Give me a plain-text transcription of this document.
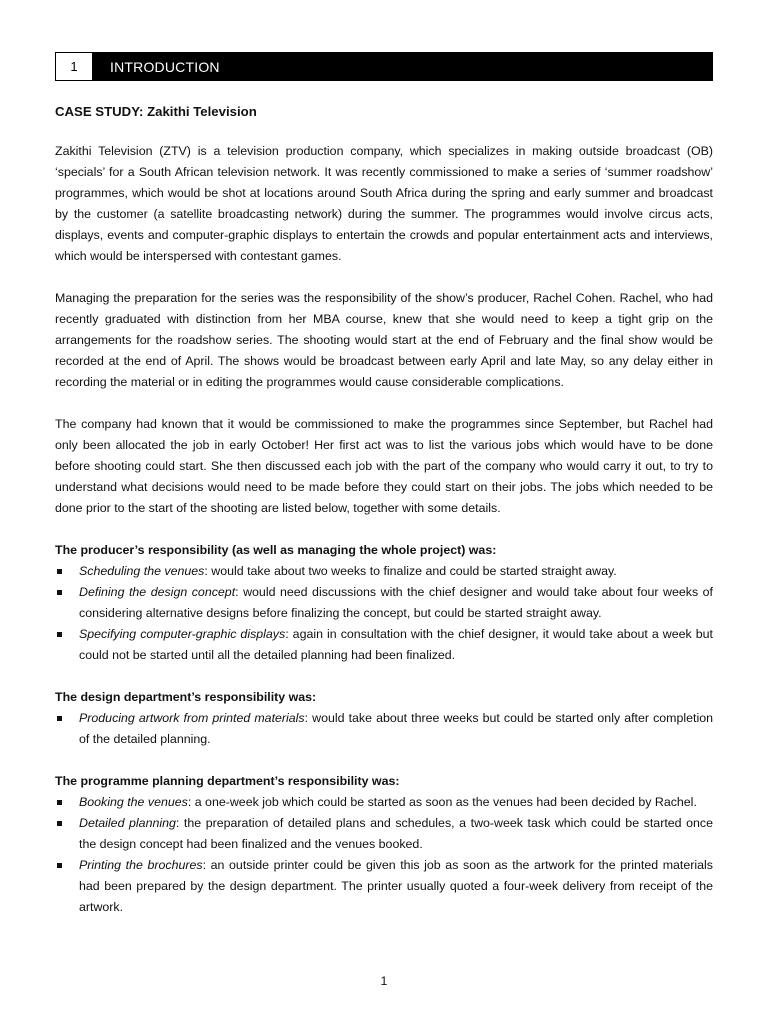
1	INTRODUCTION
CASE STUDY: Zakithi Television

Zakithi Television (ZTV) is a television production company, which specializes in making outside broadcast (OB) ‘specials’ for a South African television network. It was recently commissioned to make a series of ‘summer roadshow’ programmes, which would be shot at locations around South Africa during the spring and early summer and broadcast by the customer (a satellite broadcasting network) during the summer. The programmes would involve circus acts, displays, events and computer-graphic displays to entertain the crowds and popular entertainment acts and interviews, which would be interspersed with contestant games.

Managing the preparation for the series was the responsibility of the show’s producer, Rachel Cohen. Rachel, who had recently graduated with distinction from her MBA course, knew that she would need to keep a tight grip on the arrangements for the roadshow series. The shooting would start at the end of February and the final show would be recorded at the end of April. The shows would be broadcast between early April and late May, so any delay either in recording the material or in editing the programmes would cause considerable complications.

The company had known that it would be commissioned to make the programmes since September, but Rachel had only been allocated the job in early October! Her first act was to list the various jobs which would have to be done before shooting could start. She then discussed each job with the part of the company who would carry it out, to try to understand what decisions would need to be made before they could start on their jobs. The jobs which needed to be done prior to the start of the shooting are listed below, together with some details.

The producer’s responsibility (as well as managing the whole project) was:
Scheduling the venues: would take about two weeks to finalize and could be started straight away.
Defining the design concept: would need discussions with the chief designer and would take about four weeks of considering alternative designs before finalizing the concept, but could be started straight away.
Specifying computer-graphic displays: again in consultation with the chief designer, it would take about a week but could not be started until all the detailed planning had been finalized.
The design department’s responsibility was:
Producing artwork from printed materials: would take about three weeks but could be started only after completion of the detailed planning.
The programme planning department’s responsibility was:
Booking the venues: a one-week job which could be started as soon as the venues had been decided by Rachel.
Detailed planning: the preparation of detailed plans and schedules, a two-week task which could be started once the design concept had been finalized and the venues booked.
Printing the brochures: an outside printer could be given this job as soon as the artwork for the printed materials had been prepared by the design department. The printer usually quoted a four-week delivery from receipt of the artwork.
1
